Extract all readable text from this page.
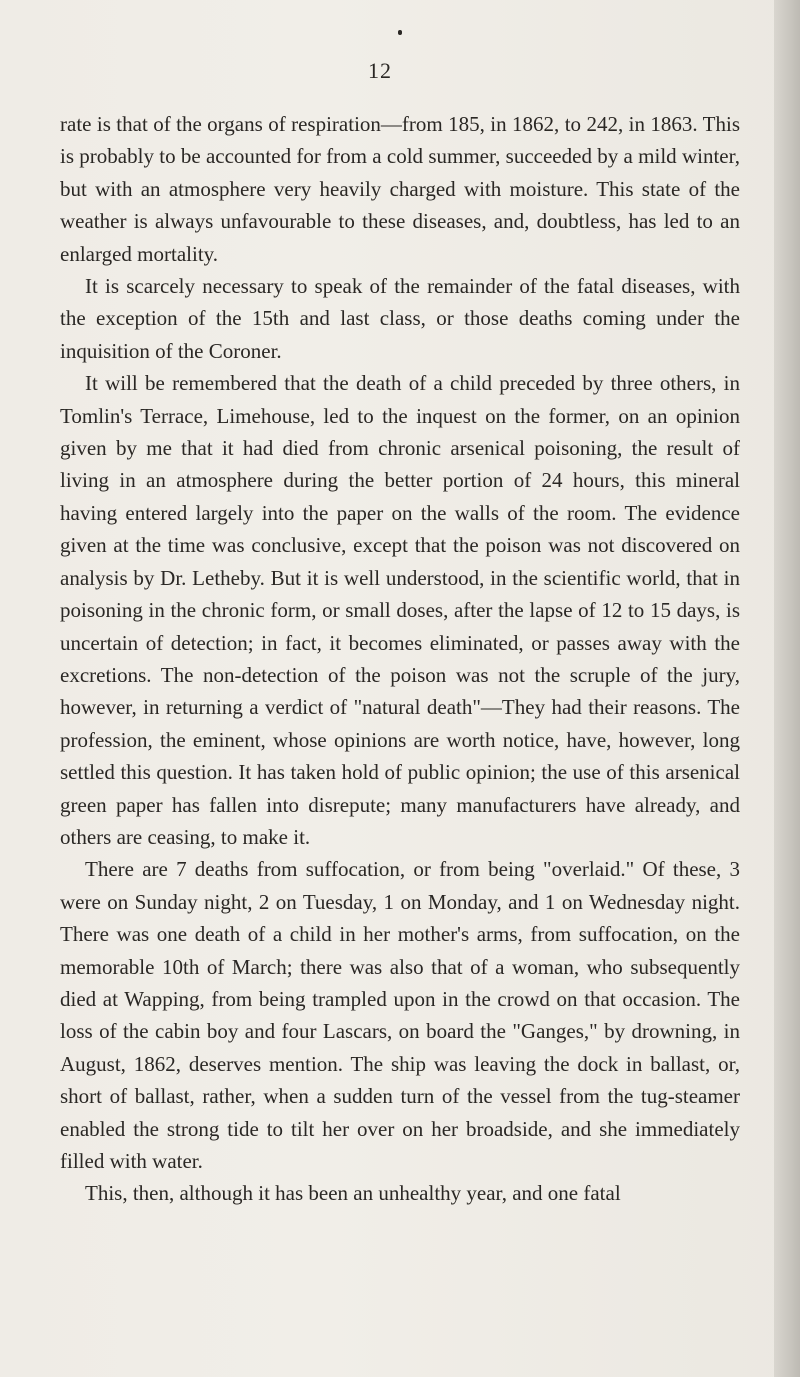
12

rate is that of the organs of respiration—from 185, in 1862, to 242, in 1863. This is probably to be accounted for from a cold summer, succeeded by a mild winter, but with an atmosphere very heavily charged with moisture. This state of the weather is always unfavourable to these diseases, and, doubtless, has led to an enlarged mortality.

It is scarcely necessary to speak of the remainder of the fatal diseases, with the exception of the 15th and last class, or those deaths coming under the inquisition of the Coroner.

It will be remembered that the death of a child preceded by three others, in Tomlin's Terrace, Limehouse, led to the inquest on the former, on an opinion given by me that it had died from chronic arsenical poisoning, the result of living in an atmosphere during the better portion of 24 hours, this mineral having entered largely into the paper on the walls of the room. The evidence given at the time was conclusive, except that the poison was not discovered on analysis by Dr. Letheby. But it is well understood, in the scientific world, that in poisoning in the chronic form, or small doses, after the lapse of 12 to 15 days, is uncertain of detection; in fact, it becomes eliminated, or passes away with the excretions. The non-detection of the poison was not the scruple of the jury, however, in returning a verdict of "natural death"—They had their reasons. The profession, the eminent, whose opinions are worth notice, have, however, long settled this question. It has taken hold of public opinion; the use of this arsenical green paper has fallen into disrepute; many manufacturers have already, and others are ceasing, to make it.

There are 7 deaths from suffocation, or from being "overlaid." Of these, 3 were on Sunday night, 2 on Tuesday, 1 on Monday, and 1 on Wednesday night. There was one death of a child in her mother's arms, from suffocation, on the memorable 10th of March; there was also that of a woman, who subsequently died at Wapping, from being trampled upon in the crowd on that occasion. The loss of the cabin boy and four Lascars, on board the "Ganges," by drowning, in August, 1862, deserves mention. The ship was leaving the dock in ballast, or, short of ballast, rather, when a sudden turn of the vessel from the tug-steamer enabled the strong tide to tilt her over on her broadside, and she immediately filled with water.

This, then, although it has been an unhealthy year, and one fatal
